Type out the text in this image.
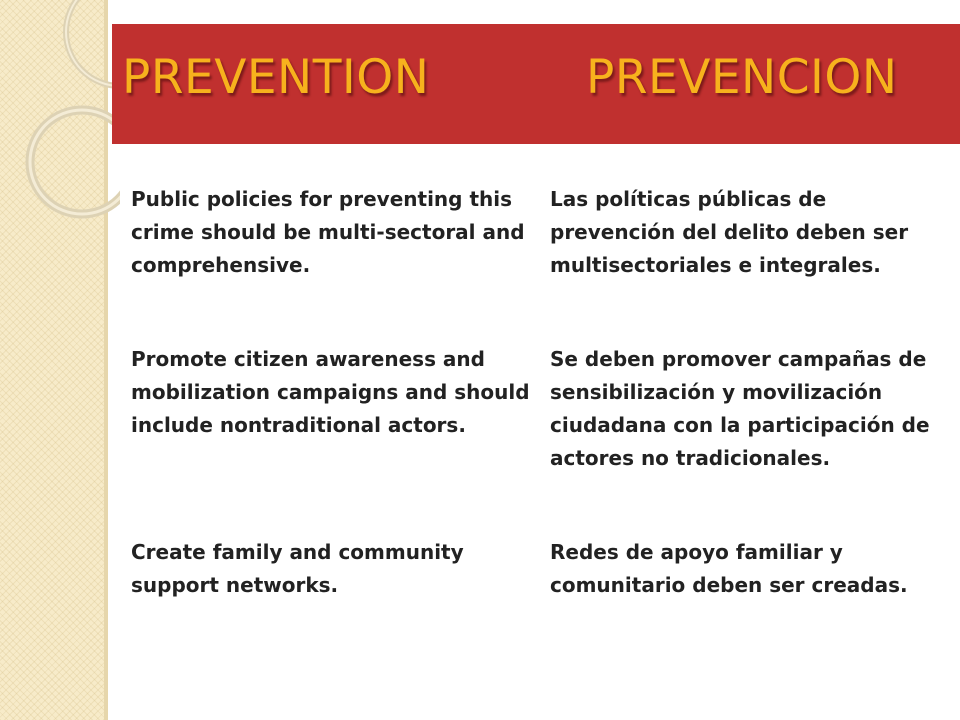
PREVENTION	PREVENCION

Public policies for preventing this crime should be multi-sectoral and comprehensive.

Las políticas públicas de prevención del delito deben ser multisectoriales e integrales.

Promote citizen awareness and mobilization campaigns and should include nontraditional actors.

Se deben promover campañas de sensibilización y movilización ciudadana con la participación de actores no tradicionales.

Create family and community support networks.

Redes de apoyo familiar y comunitario deben ser creadas.
